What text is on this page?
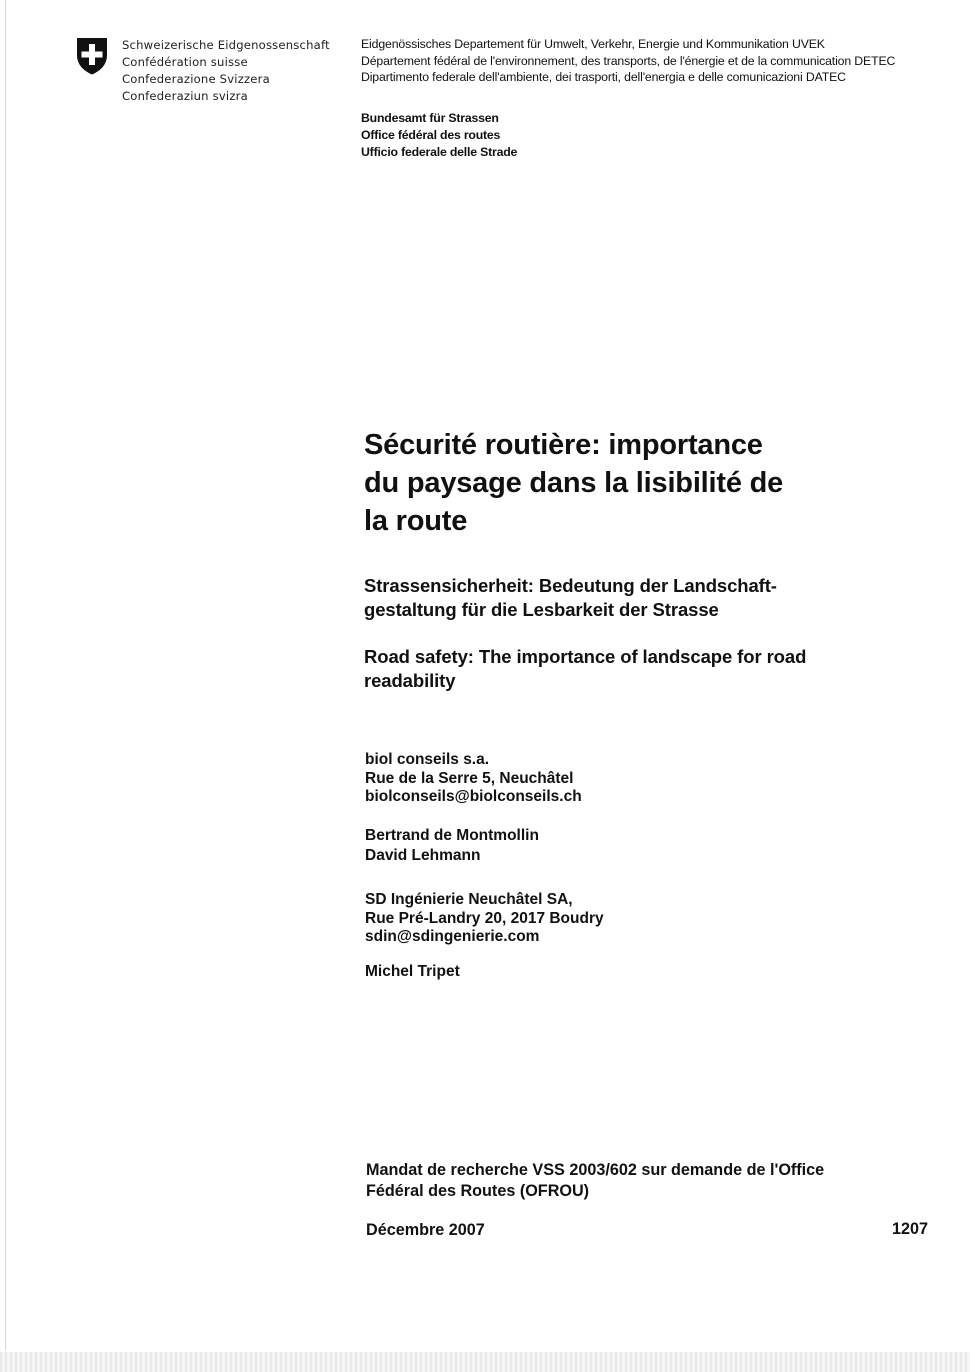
Schweizerische Eidgenossenschaft
Confédération suisse
Confederazione Svizzera
Confederaziun svizra
Eidgenössisches Departement für Umwelt, Verkehr, Energie und Kommunikation UVEK
Département fédéral de l'environnement, des transports, de l'énergie et de la communication DETEC
Dipartimento federale dell'ambiente, dei trasporti, dell'energia e delle comunicazioni DATEC
Bundesamt für Strassen
Office fédéral des routes
Ufficio federale delle Strade
Sécurité routière: importance
du paysage dans la lisibilité de
la route
Strassensicherheit: Bedeutung der Landschaft-
gestaltung für die Lesbarkeit der Strasse
Road safety: The importance of landscape for road
readability
biol conseils s.a.
Rue de la Serre 5, Neuchâtel
biolconseils@biolconseils.ch
Bertrand de Montmollin
David Lehmann
SD Ingénierie Neuchâtel SA,
Rue Pré-Landry 20, 2017 Boudry
sdin@sdingenierie.com
Michel Tripet
Mandat de recherche VSS 2003/602 sur demande de l'Office
Fédéral des Routes (OFROU)
Décembre 2007	1207
